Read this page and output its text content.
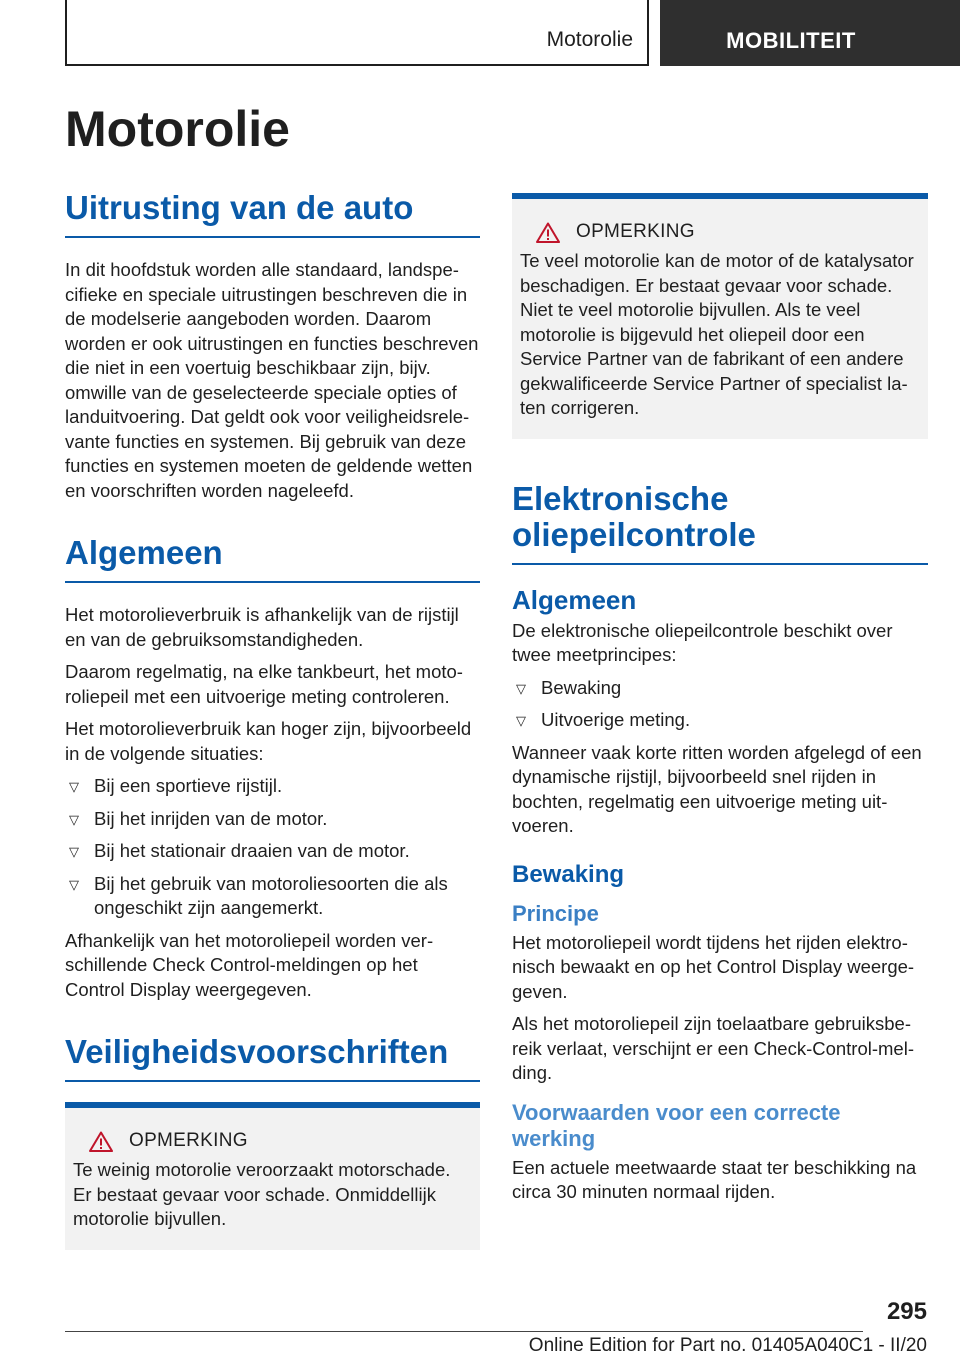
Motorolie	MOBILITEIT
Motorolie
Uitrusting van de auto

In dit hoofdstuk worden alle standaard, landspecifieke en speciale uitrustingen beschreven die in de modelserie aangeboden worden. Daarom worden er ook uitrustingen en functies beschreven die niet in een voertuig beschikbaar zijn, bijv. omwille van de geselecteerde speciale opties of landuitvoering. Dat geldt ook voor veiligheidsrelevante functies en systemen. Bij gebruik van deze functies en systemen moeten de geldende wetten en voorschriften worden nageleefd.

Algemeen

Het motorolieverbruik is afhankelijk van de rijstijl en van de gebruiksomstandigheden.

Daarom regelmatig, na elke tankbeurt, het motoroliepeil met een uitvoerige meting controleren.

Het motorolieverbruik kan hoger zijn, bijvoorbeeld in de volgende situaties:

▽ Bij een sportieve rijstijl.
▽ Bij het inrijden van de motor.
▽ Bij het stationair draaien van de motor.
▽ Bij het gebruik van motoroliesoorten die als ongeschikt zijn aangemerkt.

Afhankelijk van het motoroliepeil worden verschillende Check Control-meldingen op het Control Display weergegeven.

Veiligheidsvoorschriften
OPMERKING

Te weinig motorolie veroorzaakt motorschade. Er bestaat gevaar voor schade. Onmiddellijk motorolie bijvullen.

OPMERKING

Te veel motorolie kan de motor of de katalysator beschadigen. Er bestaat gevaar voor schade. Niet te veel motorolie bijvullen. Als te veel motorolie is bijgevuld het oliepeil door een Service Partner van de fabrikant of een andere gekwalificeerde Service Partner of specialist laten corrigeren.

Elektronische oliepeilcontrole
Algemeen

De elektronische oliepeilcontrole beschikt over twee meetprincipes:

▽ Bewaking
▽ Uitvoerige meting.

Wanneer vaak korte ritten worden afgelegd of een dynamische rijstijl, bijvoorbeeld snel rijden in bochten, regelmatig een uitvoerige meting uitvoeren.

Bewaking
Principe

Het motoroliepeil wordt tijdens het rijden elektronisch bewaakt en op het Control Display weergegeven.

Als het motoroliepeil zijn toelaatbare gebruiksbereik verlaat, verschijnt er een Check-Control-melding.

Voorwaarden voor een correcte werking

Een actuele meetwaarde staat ter beschikking na circa 30 minuten normaal rijden.

295
Online Edition for Part no. 01405A040C1 - II/20
